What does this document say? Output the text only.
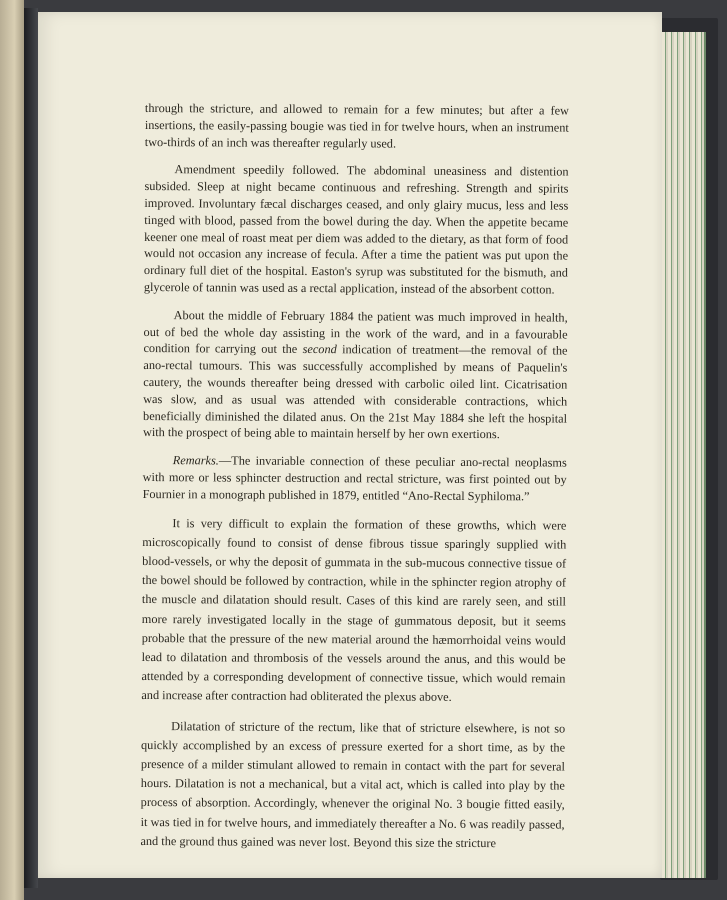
through the stricture, and allowed to remain for a few minutes; but after a few insertions, the easily-passing bougie was tied in for twelve hours, when an instrument two-thirds of an inch was thereafter regularly used.

Amendment speedily followed. The abdominal uneasiness and distention subsided. Sleep at night became continuous and refreshing. Strength and spirits improved. Involuntary fæcal discharges ceased, and only glairy mucus, less and less tinged with blood, passed from the bowel during the day. When the appetite became keener one meal of roast meat per diem was added to the dietary, as that form of food would not occasion any increase of fecula. After a time the patient was put upon the ordinary full diet of the hospital. Easton's syrup was substituted for the bismuth, and glycerole of tannin was used as a rectal application, instead of the absorbent cotton.

About the middle of February 1884 the patient was much improved in health, out of bed the whole day assisting in the work of the ward, and in a favourable condition for carrying out the second indication of treatment—the removal of the ano-rectal tumours. This was successfully accomplished by means of Paquelin's cautery, the wounds thereafter being dressed with carbolic oiled lint. Cicatrisation was slow, and as usual was attended with considerable contractions, which beneficially diminished the dilated anus. On the 21st May 1884 she left the hospital with the prospect of being able to maintain herself by her own exertions.

Remarks.—The invariable connection of these peculiar ano-rectal neoplasms with more or less sphincter destruction and rectal stricture, was first pointed out by Fournier in a monograph published in 1879, entitled “Ano-Rectal Syphiloma.”

It is very difficult to explain the formation of these growths, which were microscopically found to consist of dense fibrous tissue sparingly supplied with blood-vessels, or why the deposit of gummata in the sub-mucous connective tissue of the bowel should be followed by contraction, while in the sphincter region atrophy of the muscle and dilatation should result. Cases of this kind are rarely seen, and still more rarely investigated locally in the stage of gummatous deposit, but it seems probable that the pressure of the new material around the hæmorrhoidal veins would lead to dilatation and thrombosis of the vessels around the anus, and this would be attended by a corresponding development of connective tissue, which would remain and increase after contraction had obliterated the plexus above.

Dilatation of stricture of the rectum, like that of stricture elsewhere, is not so quickly accomplished by an excess of pressure exerted for a short time, as by the presence of a milder stimulant allowed to remain in contact with the part for several hours. Dilatation is not a mechanical, but a vital act, which is called into play by the process of absorption. Accordingly, whenever the original No. 3 bougie fitted easily, it was tied in for twelve hours, and immediately thereafter a No. 6 was readily passed, and the ground thus gained was never lost. Beyond this size the stricture
